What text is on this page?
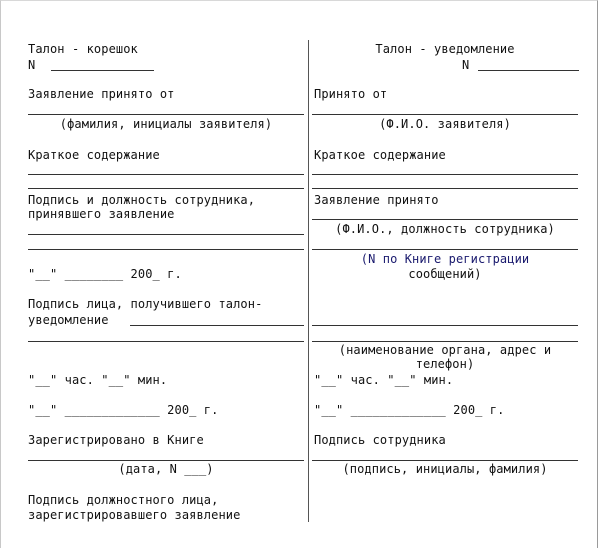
Талон - корешок
N
Заявление принято от
(фамилия, инициалы заявителя)
Краткое содержание
Подпись и должность сотрудника,
принявшего заявление
"__" ________ 200_ г.
Подпись лица, получившего талон-
уведомление
"__" час. "__" мин.
"__" _____________ 200_ г.
Зарегистрировано в Книге
(дата, N ___)
Подпись должностного лица,
зарегистрировавшего заявление
Талон - уведомление
N
Принято от
(Ф.И.О. заявителя)
Краткое содержание
Заявление принято
(Ф.И.О., должность сотрудника)
(N по Книге регистрации
сообщений)
(наименование органа, адрес и
телефон)
"__" час. "__" мин.
"__" _____________ 200_ г.
Подпись сотрудника
(подпись, инициалы, фамилия)
